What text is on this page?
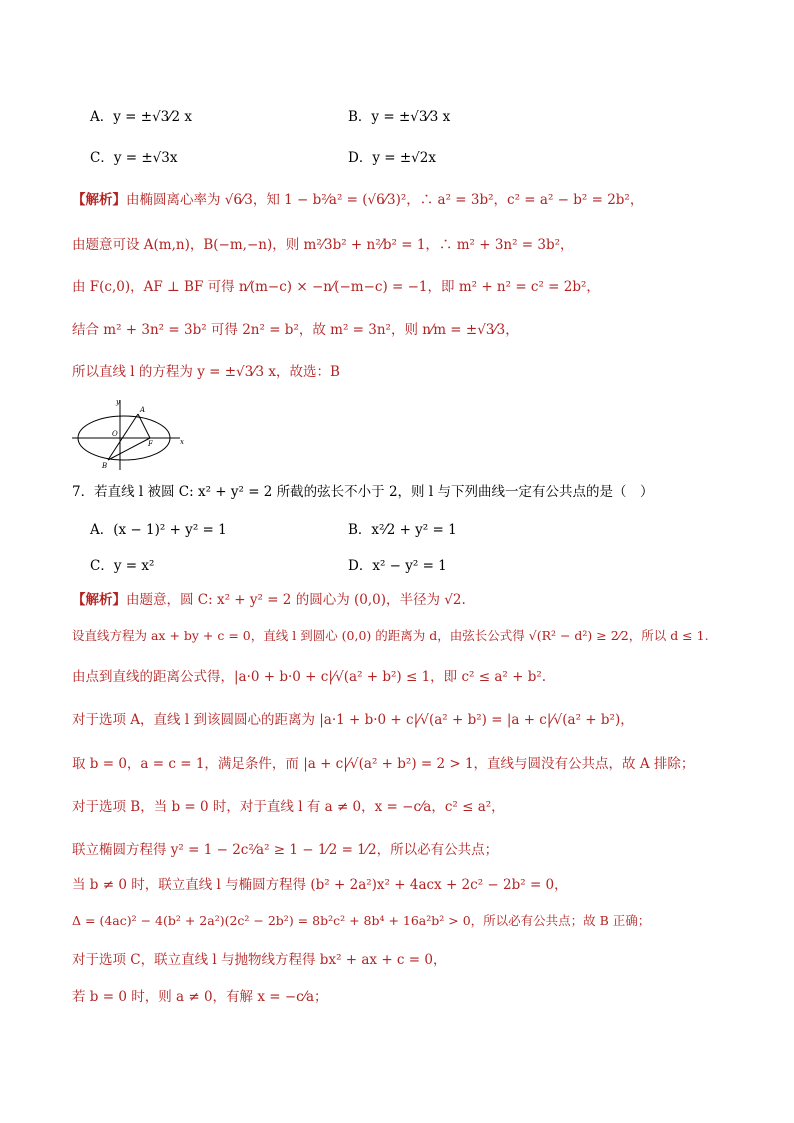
A．y = ±√3⁄2 x	B．y = ±√3⁄3 x
C．y = ±√3x	D．y = ±√2x
【解析】由椭圆离心率为 √6⁄3，知 1 − b²⁄a² = (√6⁄3)²，∴ a² = 3b²，c² = a² − b² = 2b²，
由题意可设 A(m,n)，B(−m,−n)，则 m²⁄3b² + n²⁄b² = 1，∴ m² + 3n² = 3b²，
由 F(c,0)，AF ⊥ BF 可得 n⁄(m−c) × −n⁄(−m−c) = −1，即 m² + n² = c² = 2b²，
结合 m² + 3n² = 3b² 可得 2n² = b²，故 m² = 3n²，则 n⁄m = ±√3⁄3，
所以直线 l 的方程为 y = ±√3⁄3 x，故选：B
y
x
O
A
B
F
7．若直线 l 被圆 C: x² + y² = 2 所截的弦长不小于 2，则 l 与下列曲线一定有公共点的是（　）
A．(x − 1)² + y² = 1	B．x²⁄2 + y² = 1
C．y = x²	D．x² − y² = 1
【解析】由题意，圆 C: x² + y² = 2 的圆心为 (0,0)，半径为 √2.
设直线方程为 ax + by + c = 0，直线 l 到圆心 (0,0) 的距离为 d，由弦长公式得 √(R² − d²) ≥ 2⁄2，所以 d ≤ 1.
由点到直线的距离公式得，|a·0 + b·0 + c|⁄√(a² + b²) ≤ 1，即 c² ≤ a² + b².
对于选项 A，直线 l 到该圆圆心的距离为 |a·1 + b·0 + c|⁄√(a² + b²) = |a + c|⁄√(a² + b²)，
取 b = 0，a = c = 1，满足条件，而 |a + c|⁄√(a² + b²) = 2 > 1，直线与圆没有公共点，故 A 排除；
对于选项 B，当 b = 0 时，对于直线 l 有 a ≠ 0，x = −c⁄a，c² ≤ a²，
联立椭圆方程得 y² = 1 − 2c²⁄a² ≥ 1 − 1⁄2 = 1⁄2，所以必有公共点；
当 b ≠ 0 时，联立直线 l 与椭圆方程得 (b² + 2a²)x² + 4acx + 2c² − 2b² = 0，
Δ = (4ac)² − 4(b² + 2a²)(2c² − 2b²) = 8b²c² + 8b⁴ + 16a²b² > 0，所以必有公共点；故 B 正确；
对于选项 C，联立直线 l 与抛物线方程得 bx² + ax + c = 0，
若 b = 0 时，则 a ≠ 0，有解 x = −c⁄a；
